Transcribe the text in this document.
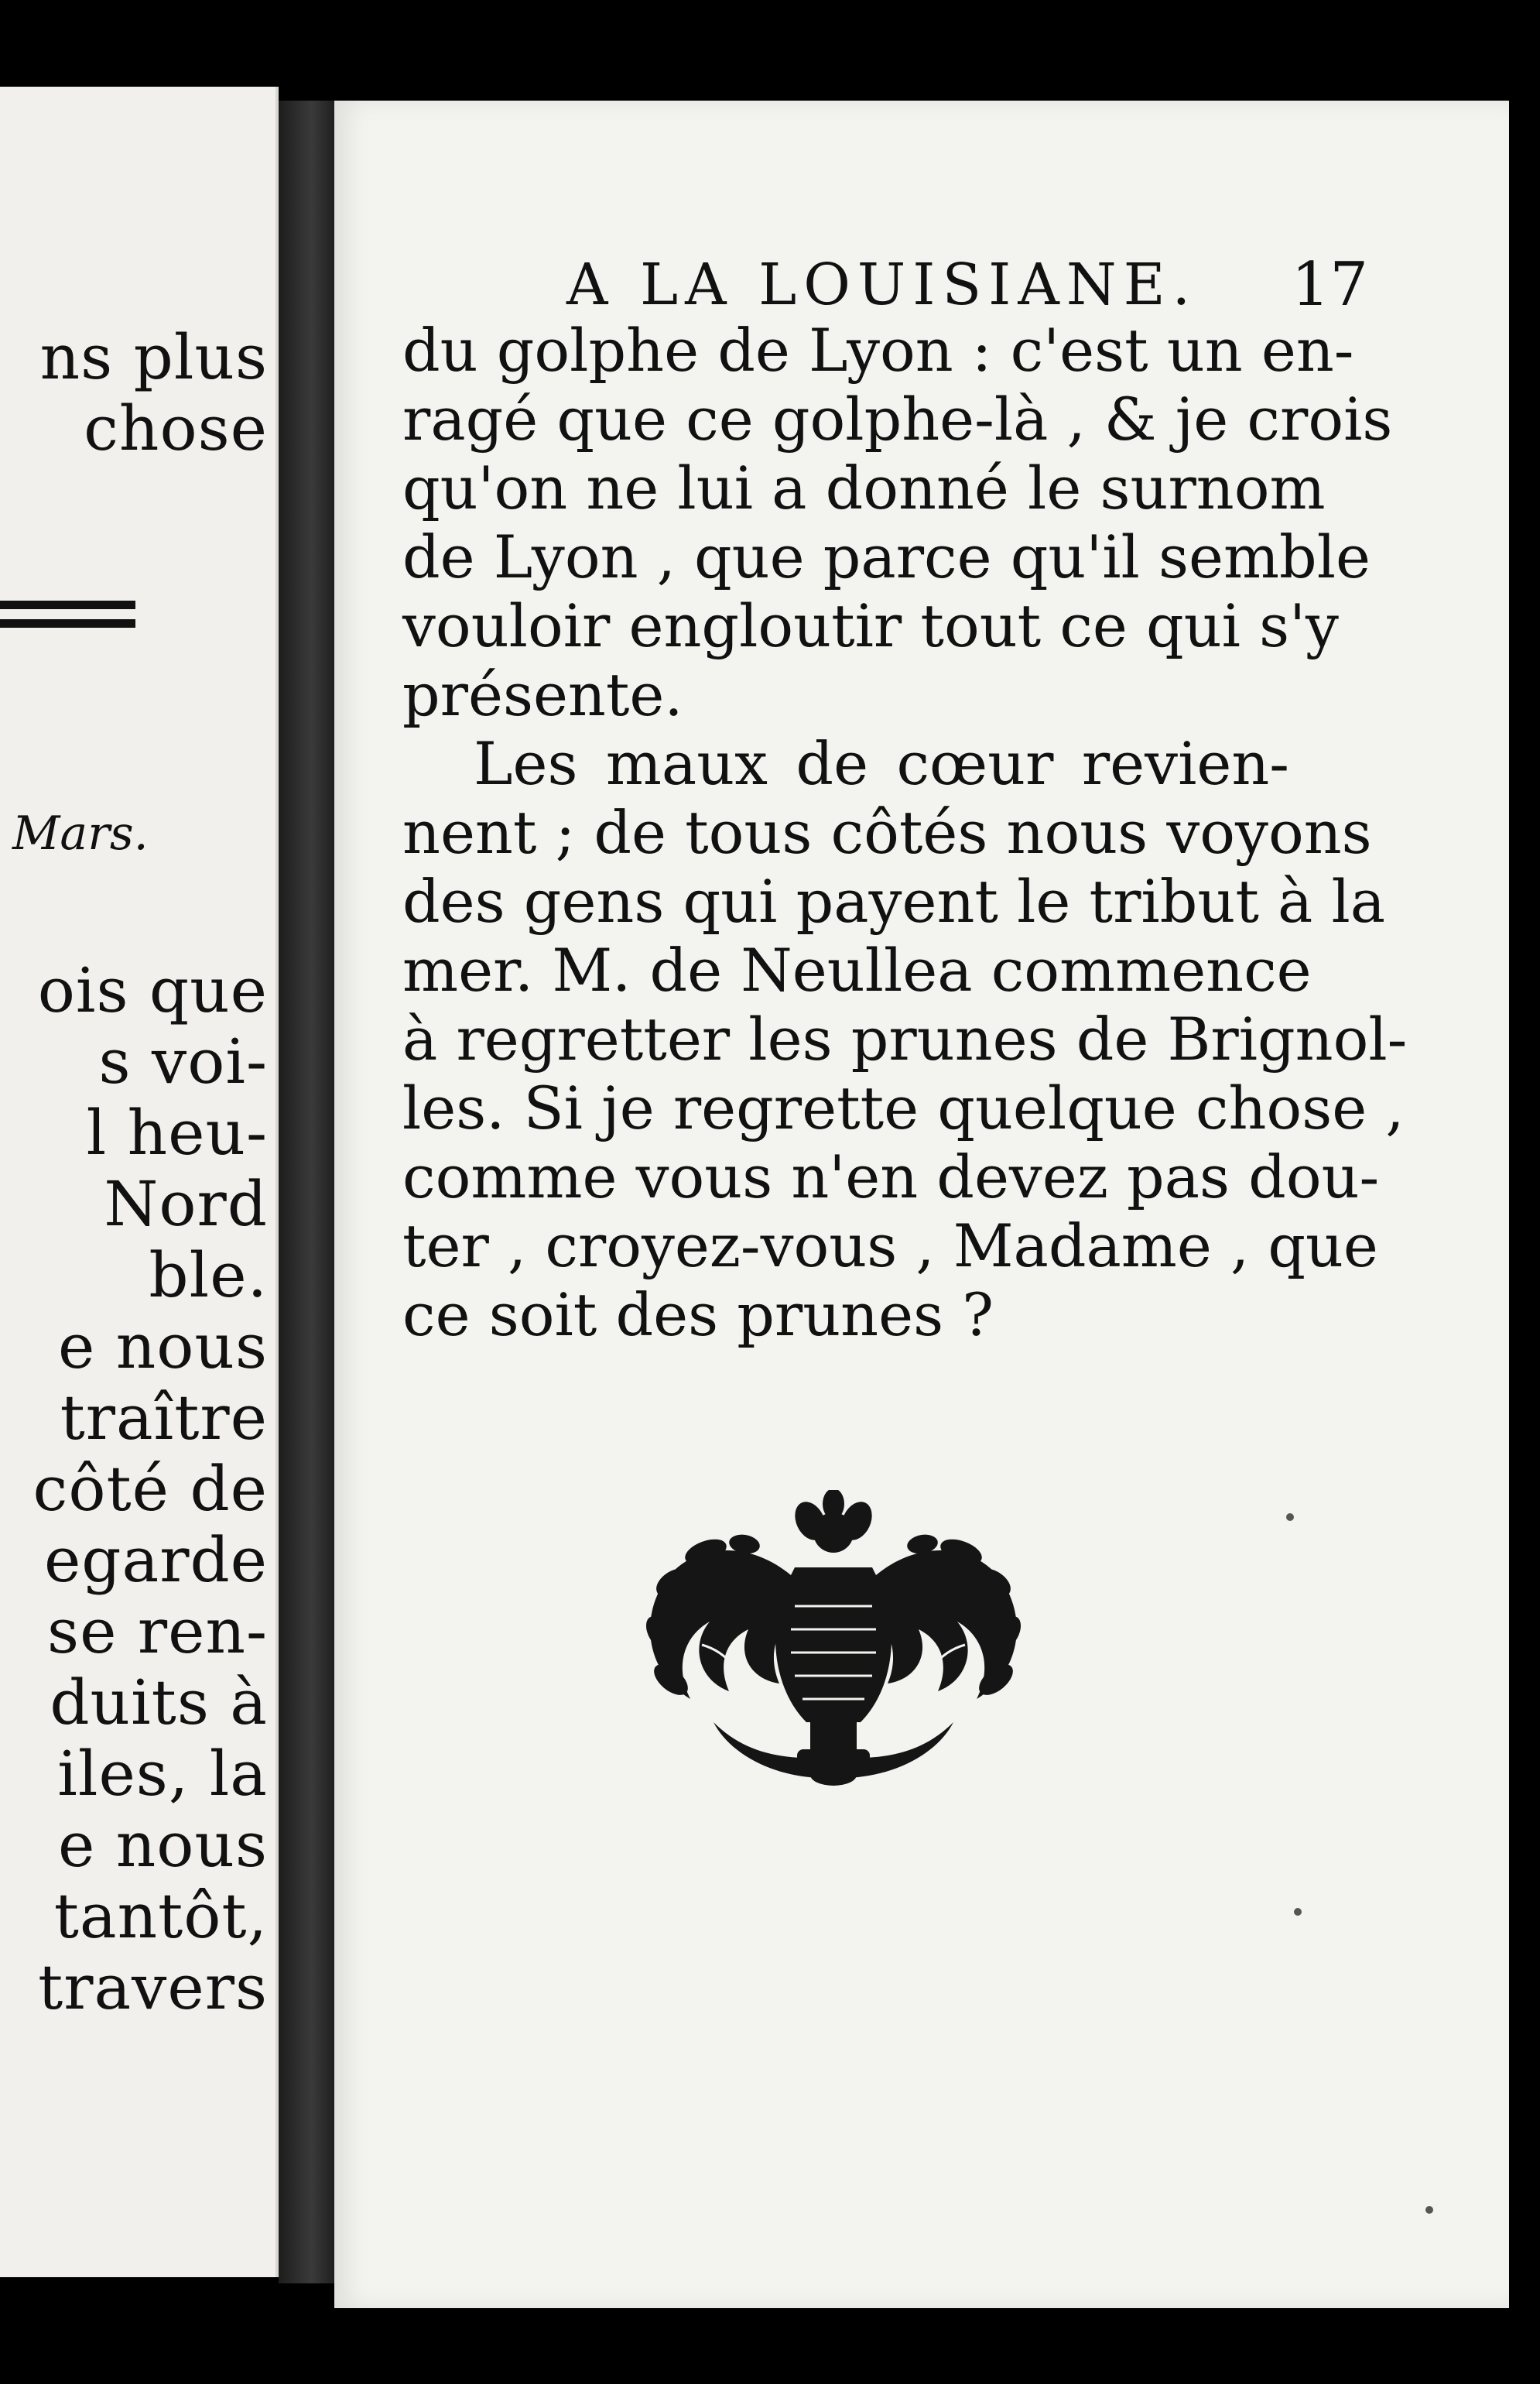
ns plus
chose
Mars.
ois que
s voi-
l heu-
Nord
ble.
e nous
traître
côté de
egarde
se ren-
duits à
iles, la
e nous
tantôt,
travers
A LA LOUISIANE. 17
du golphe de Lyon : c'est un en-
ragé que ce golphe-là , & je crois
qu'on ne lui a donné le surnom
de Lyon , que parce qu'il semble
vouloir engloutir tout ce qui s'y
présente.
Les maux de cœur revien-
nent ; de tous côtés nous voyons
des gens qui payent le tribut à la
mer. M. de Neullea commence
à regretter les prunes de Brignol-
les. Si je regrette quelque chose ,
comme vous n'en devez pas dou-
ter , croyez-vous , Madame , que
ce soit des prunes ?
